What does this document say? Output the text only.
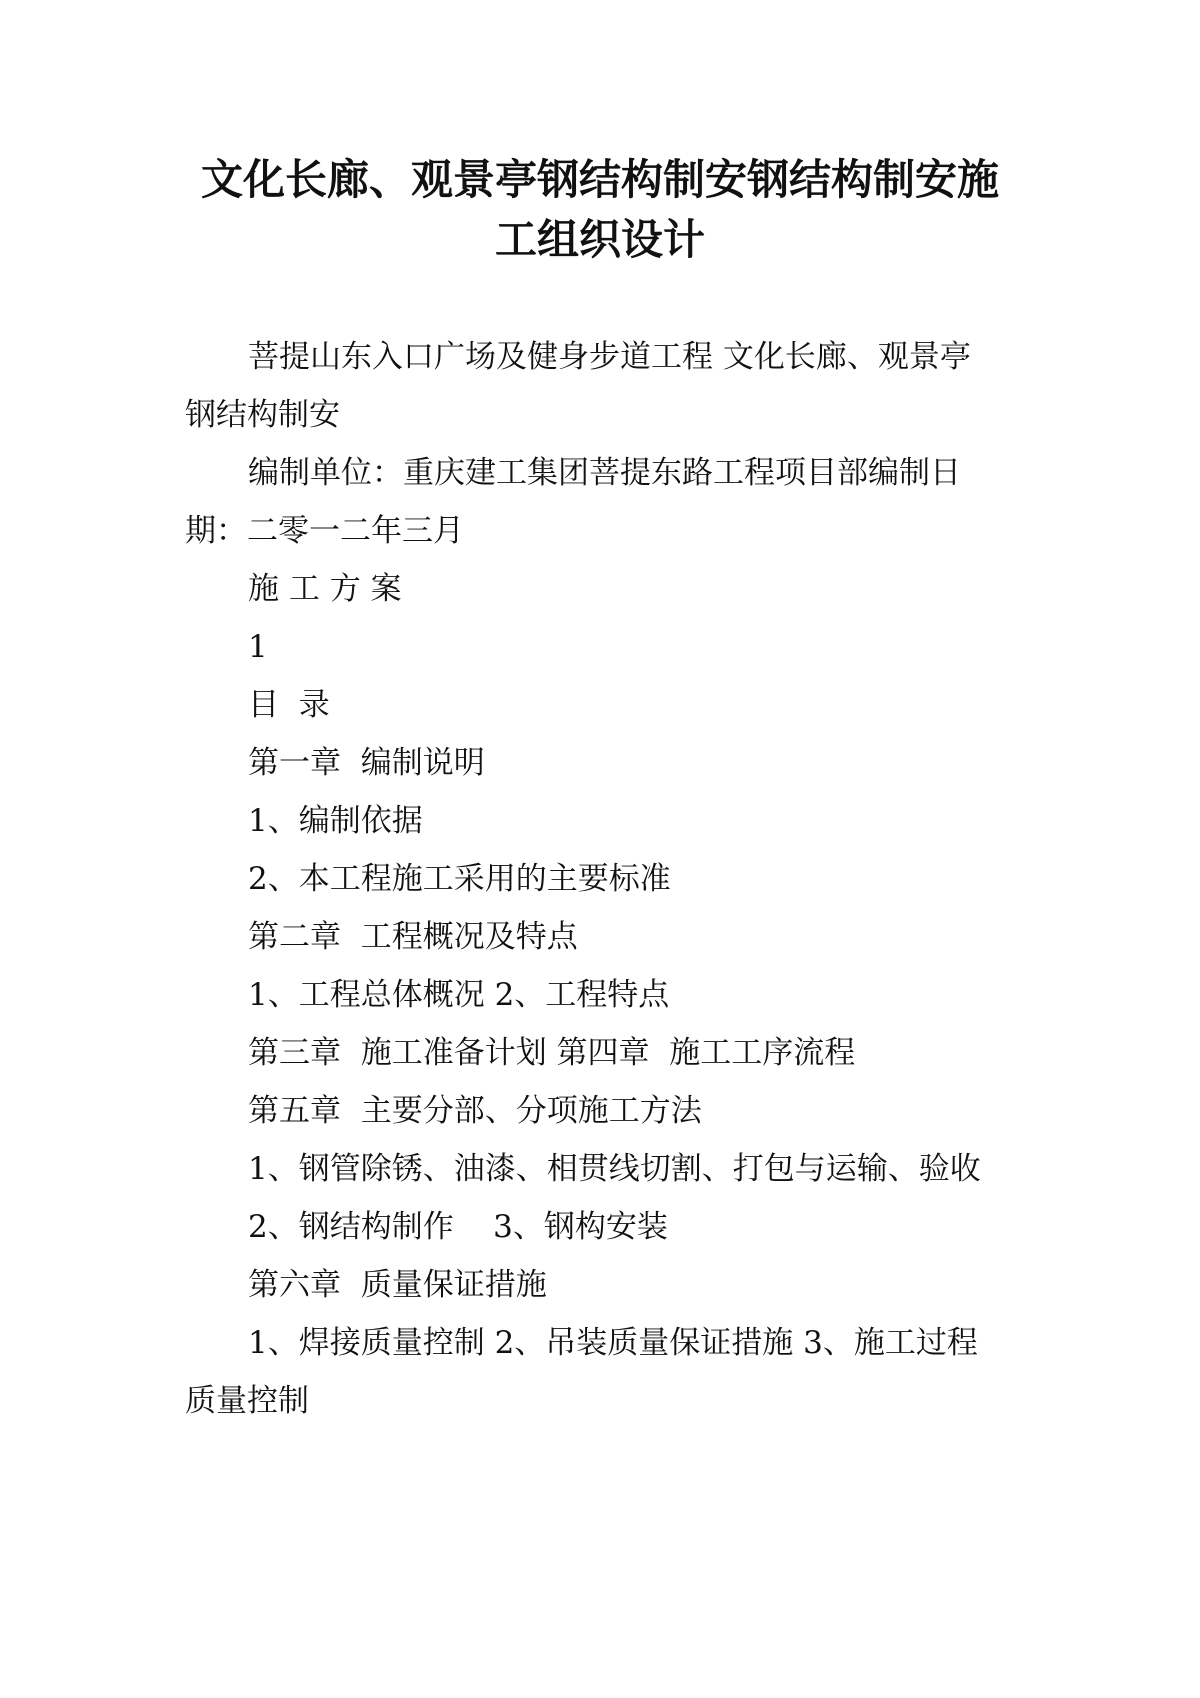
文化长廊、观景亭钢结构制安钢结构制安施
工组织设计
菩提山东入口广场及健身步道工程 文化长廊、观景亭
钢结构制安
编制单位：重庆建工集团菩提东路工程项目部编制日
期：二零一二年三月
施 工 方 案
1
目  录
第一章  编制说明
1、编制依据
2、本工程施工采用的主要标准
第二章  工程概况及特点
1、工程总体概况 2、工程特点
第三章  施工准备计划 第四章  施工工序流程
第五章  主要分部、分项施工方法
1、钢管除锈、油漆、相贯线切割、打包与运输、验收
2、钢结构制作    3、钢构安装
第六章  质量保证措施
1、焊接质量控制 2、吊装质量保证措施 3、施工过程
质量控制
